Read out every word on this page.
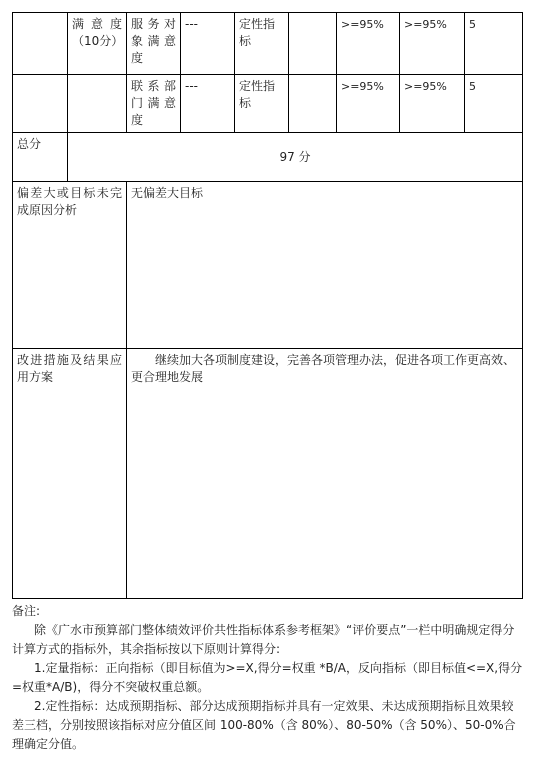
	满意度（10分）	服务对象满意度	---	定性指标		>=95%	>=95%	5
		联系部门满意度	---	定性指标		>=95%	>=95%	5
总分	97 分							
偏差大或目标未完成原因分析		无偏差大目标						
改进措施及结果应用方案		继续加大各项制度建设，完善各项管理办法，促进各项工作更高效、更合理地发展						

备注:

除《广水市预算部门整体绩效评价共性指标体系参考框架》“评价要点”一栏中明确规定得分计算方式的指标外，其余指标按以下原则计算得分:

1.定量指标：正向指标（即目标值为>=X,得分=权重 *B/A，反向指标（即目标值<=X,得分=权重*A/B)，得分不突破权重总额。

2.定性指标：达成预期指标、部分达成预期指标并具有一定效果、未达成预期指标且效果较差三档，分别按照该指标对应分值区间 100-80%（含 80%）、80-50%（含 50%）、50-0%合理确定分值。
